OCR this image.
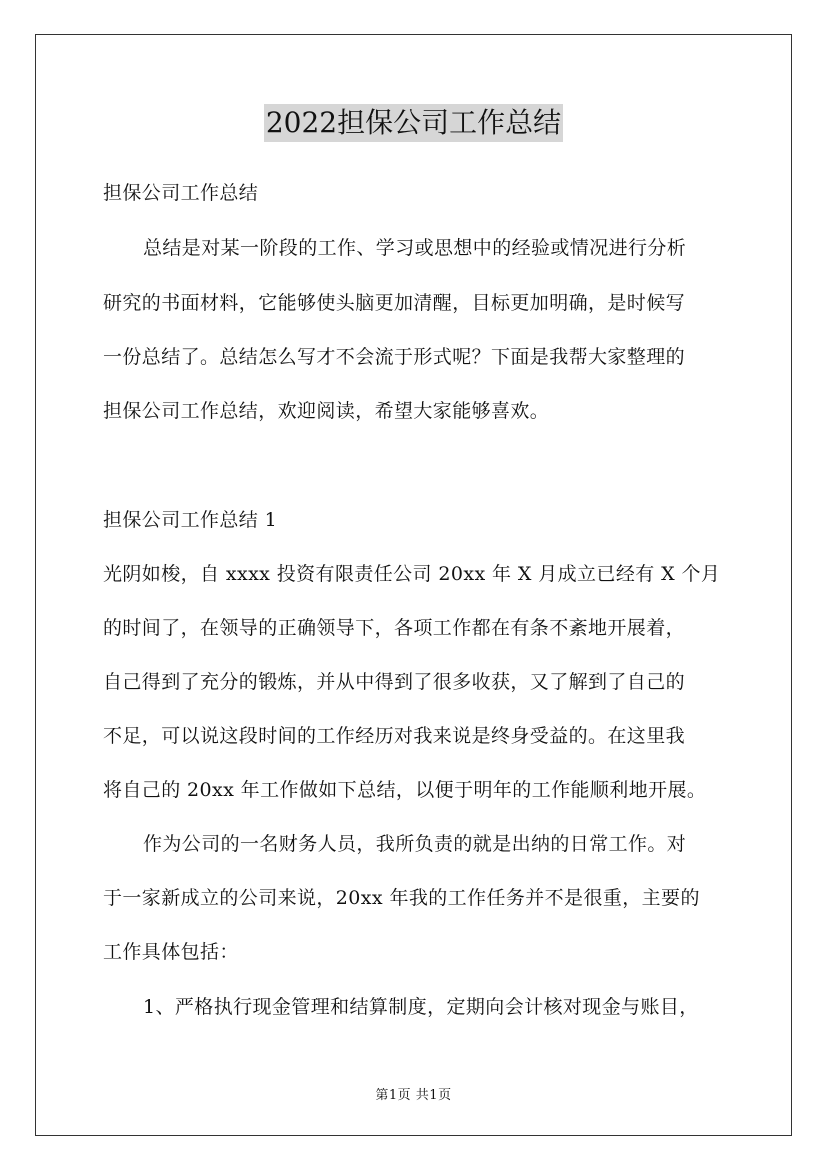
2022担保公司工作总结
担保公司工作总结
总结是对某一阶段的工作、学习或思想中的经验或情况进行分析
研究的书面材料，它能够使头脑更加清醒，目标更加明确，是时候写
一份总结了。总结怎么写才不会流于形式呢？下面是我帮大家整理的
担保公司工作总结，欢迎阅读，希望大家能够喜欢。
担保公司工作总结 1
光阴如梭，自 xxxx 投资有限责任公司 20xx 年 X 月成立已经有 X 个月
的时间了，在领导的正确领导下，各项工作都在有条不紊地开展着，
自己得到了充分的锻炼，并从中得到了很多收获，又了解到了自己的
不足，可以说这段时间的工作经历对我来说是终身受益的。在这里我
将自己的 20xx 年工作做如下总结，以便于明年的工作能顺利地开展。
作为公司的一名财务人员，我所负责的就是出纳的日常工作。对
于一家新成立的公司来说，20xx 年我的工作任务并不是很重，主要的
工作具体包括：
1、严格执行现金管理和结算制度，定期向会计核对现金与账目，
第1页 共1页
